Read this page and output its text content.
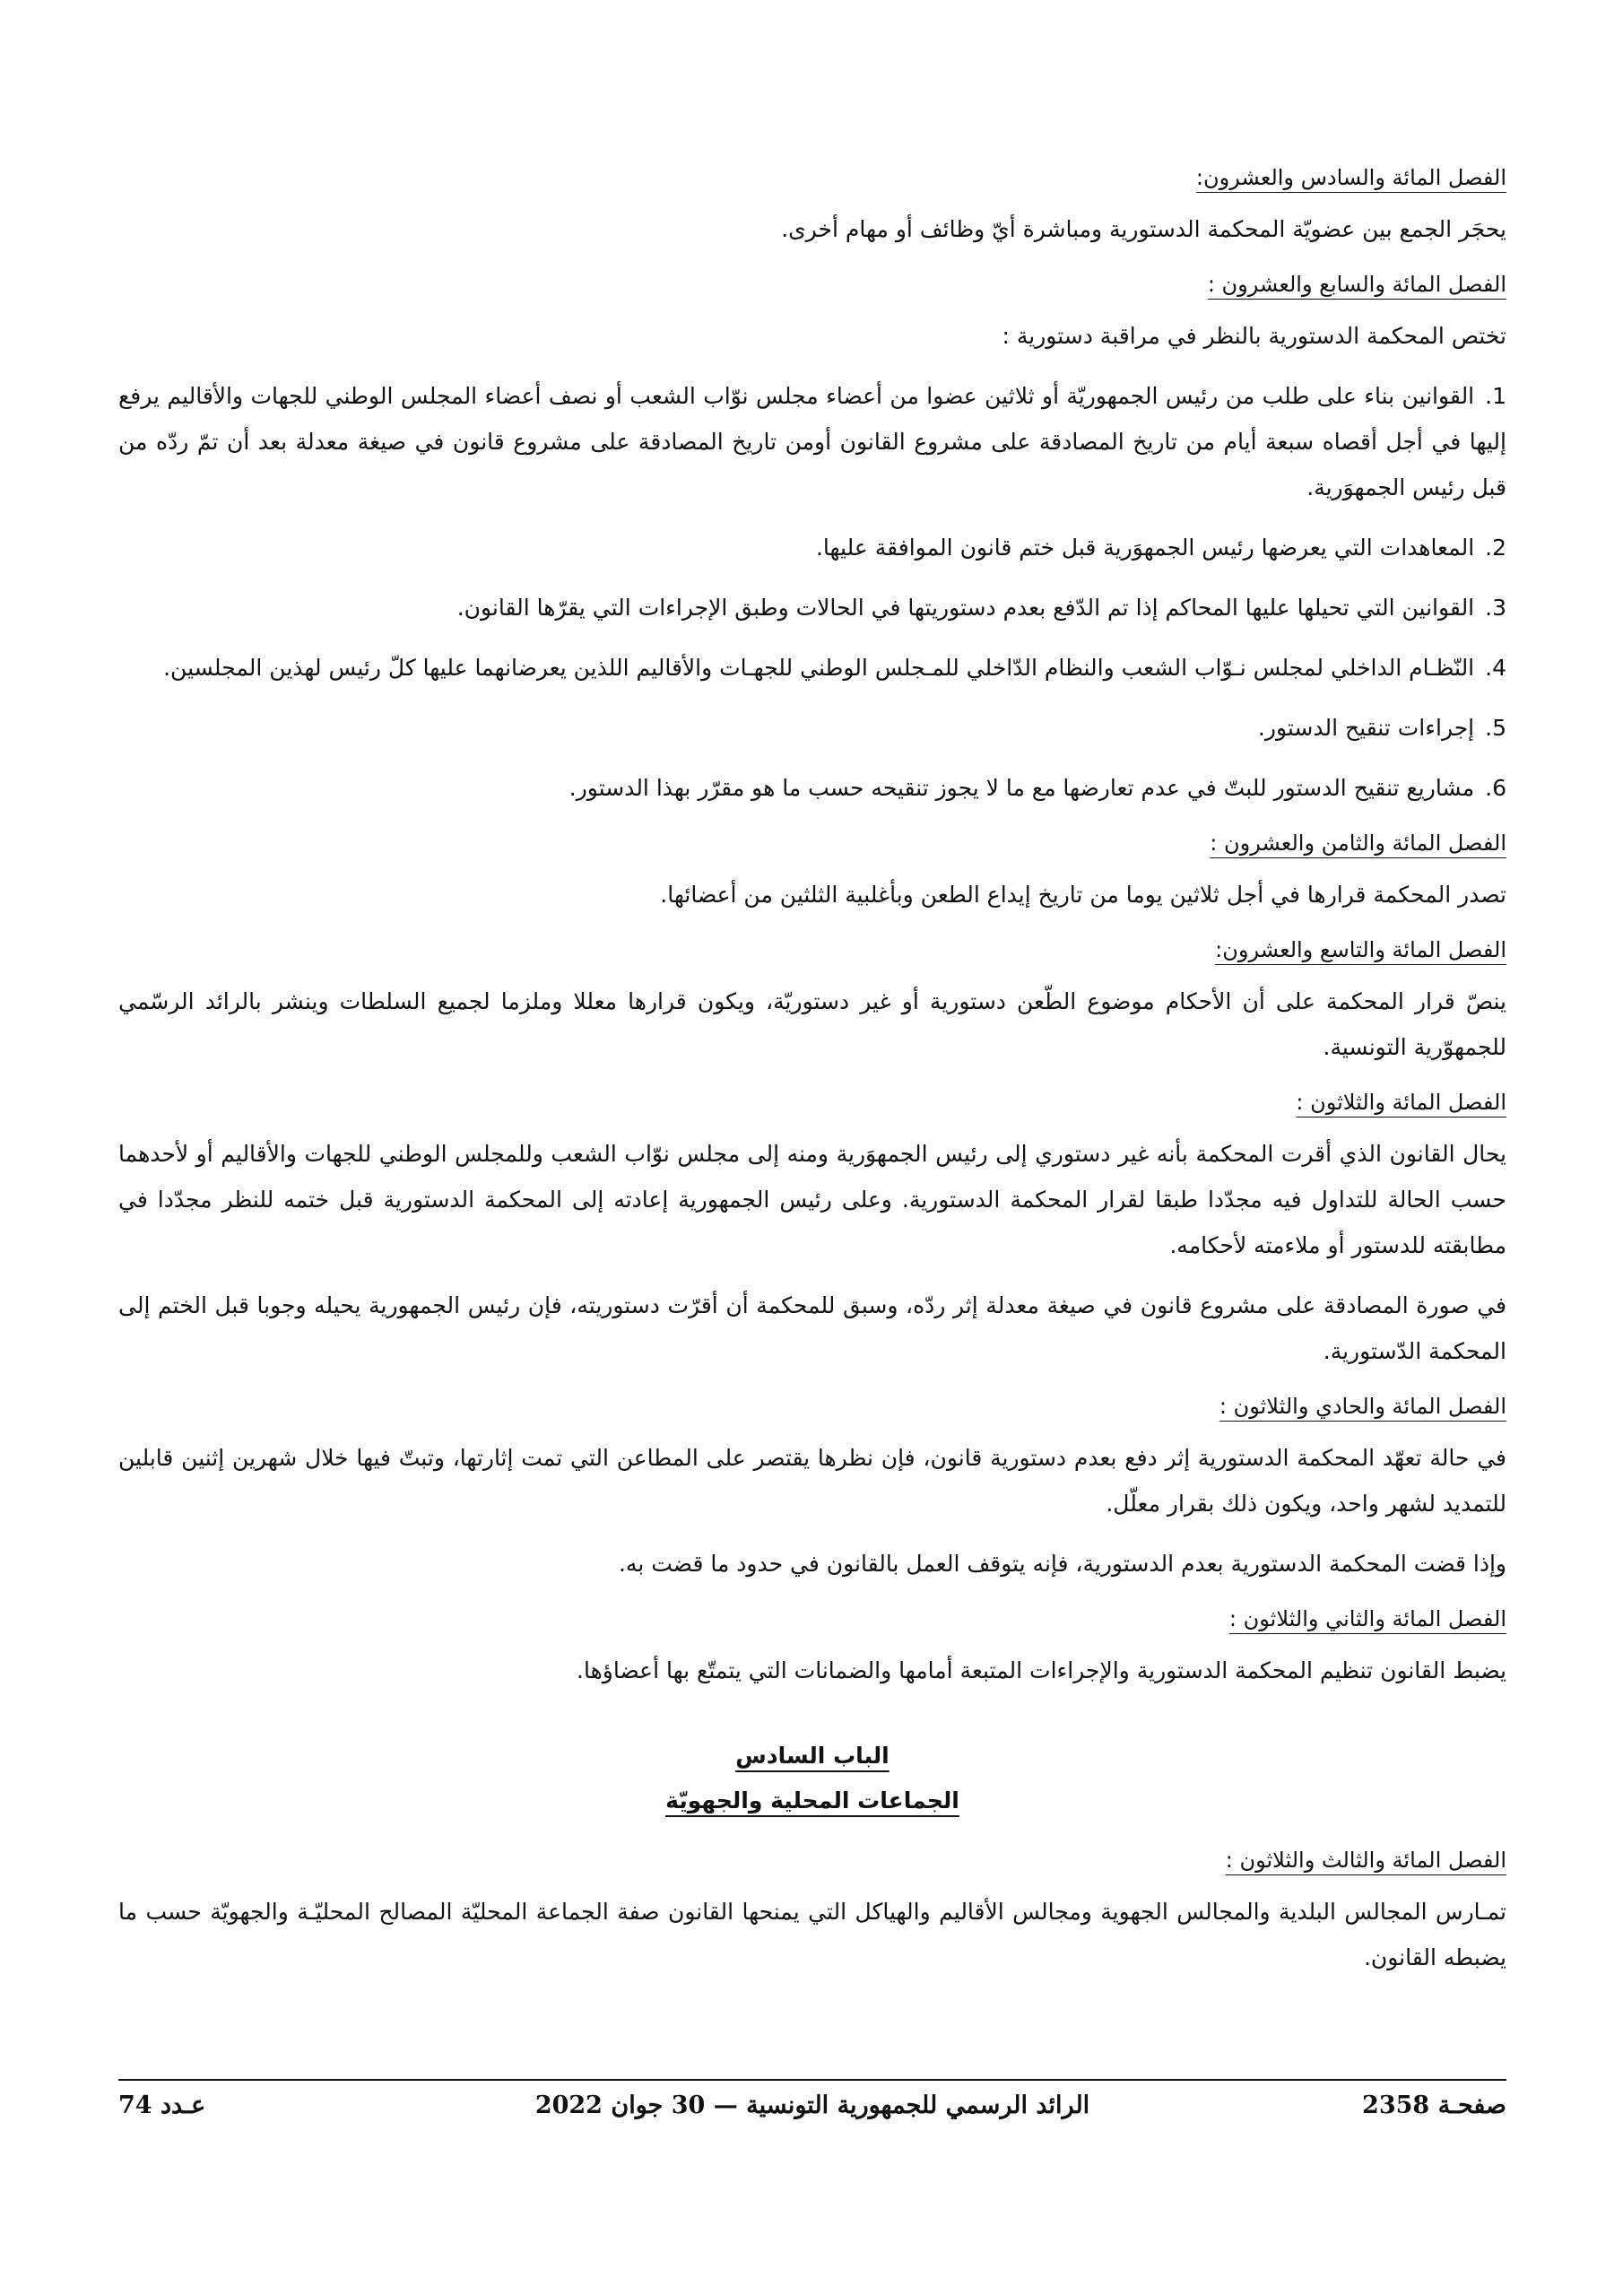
الفصل المائة والسادس والعشرون:

يحجَر الجمع بين عضويّة المحكمة الدستورية ومباشرة أيّ وظائف أو مهام أخرى.

الفصل المائة والسابع والعشرون :

تختص المحكمة الدستورية بالنظر في مراقبة دستورية :

1.القوانين بناء على طلب من رئيس الجمهوريّة أو ثلاثين عضوا من أعضاء مجلس نوّاب الشعب أو نصف أعضاء المجلس الوطني للجهات والأقاليم يرفع إليها في أجل أقصاه سبعة أيام من تاريخ المصادقة على مشروع القانون أومن تاريخ المصادقة على مشروع قانون في صيغة معدلة بعد أن تمّ ردّه من قبل رئيس الجمهوَرية.

2.المعاهدات التي يعرضها رئيس الجمهوَرية قبل ختم قانون الموافقة عليها.

3.القوانين التي تحيلها عليها المحاكم إذا تم الدّفع بعدم دستوريتها في الحالات وطبق الإجراءات التي يقرّها القانون.

4.النّظـام الداخلي لمجلس نـوّاب الشعب والنظام الدّاخلي للمـجلس الوطني للجهـات والأقاليم اللذين يعرضانهما عليها كلّ رئيس لهذين المجلسين.

5.إجراءات تنقيح الدستور.

6.مشاريع تنقيح الدستور للبتّ في عدم تعارضها مع ما لا يجوز تنقيحه حسب ما هو مقرّر بهذا الدستور.

الفصل المائة والثامن والعشرون :

تصدر المحكمة قرارها في أجل ثلاثين يوما من تاريخ إيداع الطعن وبأغلبية الثلثين من أعضائها.

الفصل المائة والتاسع والعشرون:

ينصّ قرار المحكمة على أن الأحكام موضوع الطّعن دستورية أو غير دستوريّة، ويكون قرارها معللا وملزما لجميع السلطات وينشر بالرائد الرسّمي للجمهوّرية التونسية.

الفصل المائة والثلاثون :

يحال القانون الذي أقرت المحكمة بأنه غير دستوري إلى رئيس الجمهوَرية ومنه إلى مجلس نوّاب الشعب وللمجلس الوطني للجهات والأقاليم أو لأحدهما حسب الحالة للتداول فيه مجدّدا طبقا لقرار المحكمة الدستورية. وعلى رئيس الجمهورية إعادته إلى المحكمة الدستورية قبل ختمه للنظر مجدّدا في مطابقته للدستور أو ملاءمته لأحكامه.

في صورة المصادقة على مشروع قانون في صيغة معدلة إثر ردّه، وسبق للمحكمة أن أقرّت دستوريته، فإن رئيس الجمهورية يحيله وجوبا قبل الختم إلى المحكمة الدّستورية.

الفصل المائة والحادي والثلاثون :

في حالة تعهّد المحكمة الدستورية إثر دفع بعدم دستورية قانون، فإن نظرها يقتصر على المطاعن التي تمت إثارتها، وتبتّ فيها خلال شهرين إثنين قابلين للتمديد لشهر واحد، ويكون ذلك بقرار معلّل.

وإذا قضت المحكمة الدستورية بعدم الدستورية، فإنه يتوقف العمل بالقانون في حدود ما قضت به.

الفصل المائة والثاني والثلاثون :

يضبط القانون تنظيم المحكمة الدستورية والإجراءات المتبعة أمامها والضمانات التي يتمتّع بها أعضاؤها.

الباب السادس
الجماعات المحلية والجهويّة
الفصل المائة والثالث والثلاثون :

تمـارس المجالس البلدية والمجالس الجهوية ومجالس الأقاليم والهياكل التي يمنحها القانون صفة الجماعة المحليّة المصالح المحليّـة والجهويّة حسب ما يضبطه القانون.

صفحـة 2358
الرائد الرسمي للجمهورية التونسية — 30 جوان 2022
عـدد 74
